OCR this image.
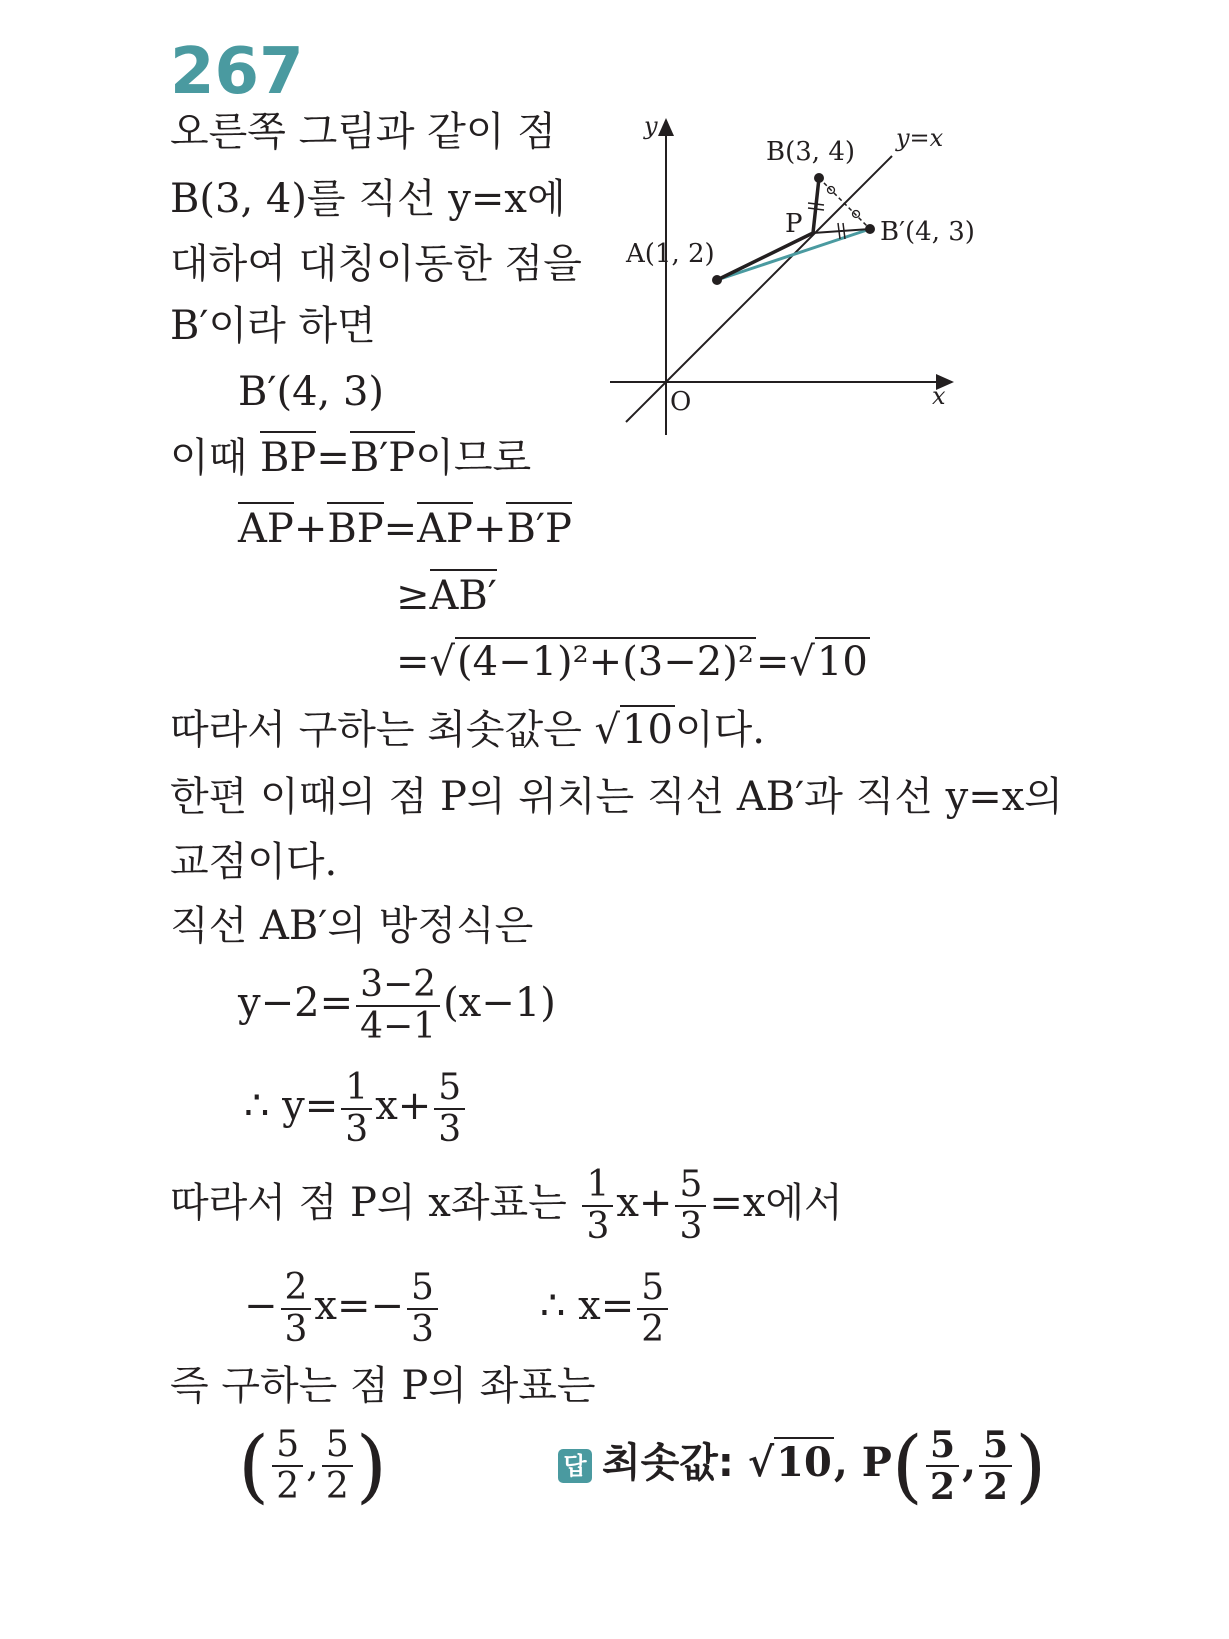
267
오른쪽 그림과 같이 점
B(3, 4)를 직선 y=x에
대하여 대칭이동한 점을
B′이라 하면
B′(4, 3)
이때 BP=B′P이므로
AP+BP=AP+B′P
≥AB′
=√(4−1)²+(3−2)²=√10
따라서 구하는 최솟값은 √10이다.
한편 이때의 점 P의 위치는 직선 AB′과 직선 y=x의
교점이다.
직선 AB′의 방정식은
$y-2= \frac{3-2}{4-1} (x-1)$
∴ $y= \frac{1}{3} x+ \frac{5}{3}$
따라서 점 P의 x좌표는 $\frac{1}{3} x+ \frac{5}{3} =x$에서
− $\frac{2}{3} x=- \frac{5}{3}$	∴ $x= \frac{5}{2}$
즉 구하는 점 P의 좌표는
( $\frac{5}{2}$ , $\frac{5}{2}$ )	답 최솟값: √10, $P( \frac{5}{2}$ , $\frac{5}{2}$ )
y
x
O
y=x
A(1, 2)
B(3, 4)
B′(4, 3)
P
